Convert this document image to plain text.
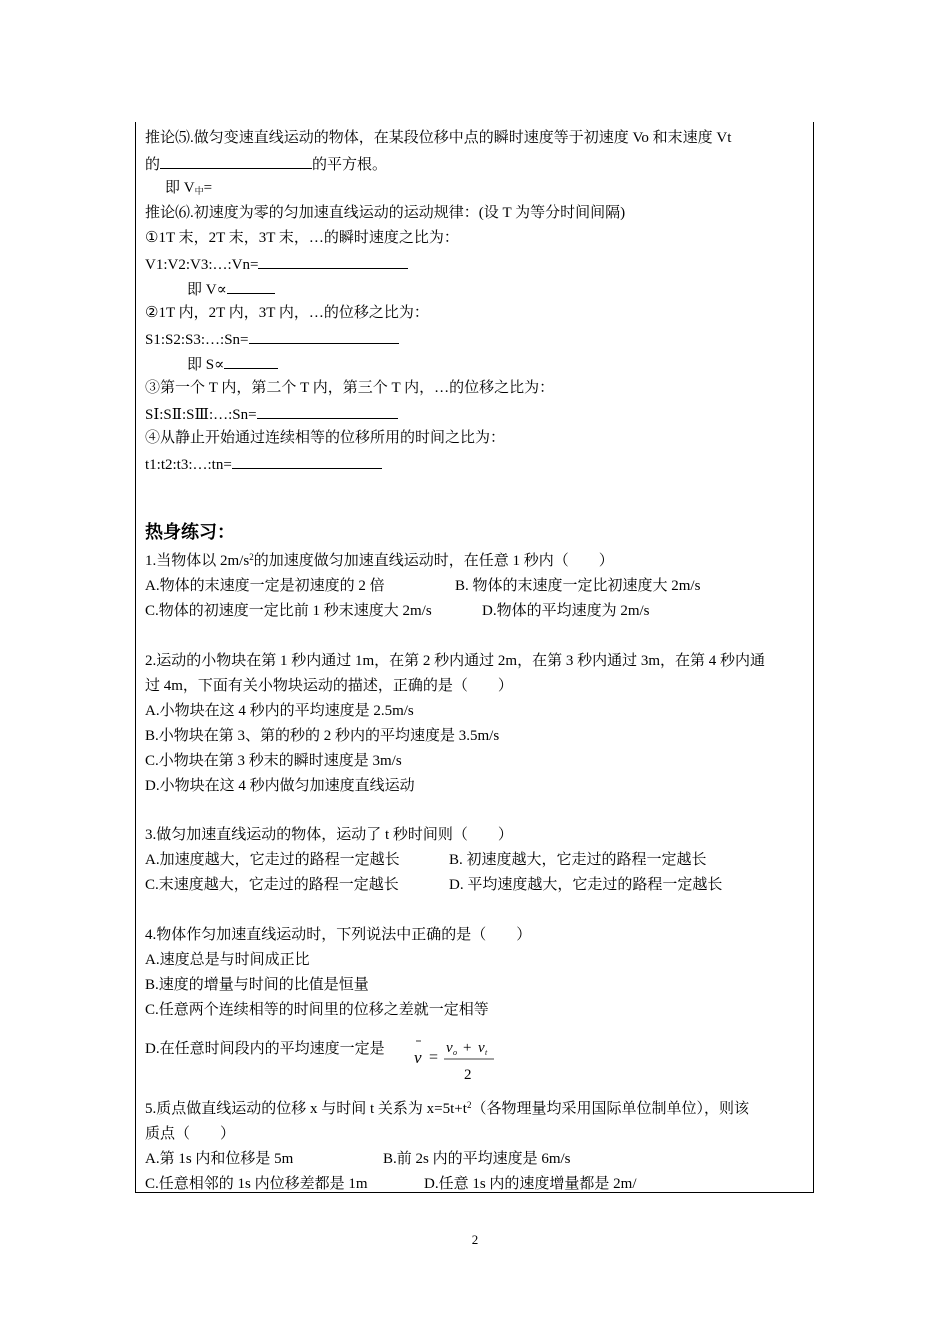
推论⑸.做匀变速直线运动的物体，在某段位移中点的瞬时速度等于初速度 Vo 和末速度 Vt
的	的平方根。
即 $V_中=$
推论⑹.初速度为零的匀加速直线运动的运动规律：(设 T 为等分时间间隔)
①1T 末，2T 末，3T 末，…的瞬时速度之比为：
V1:V2:V3:…:Vn=
即 V∝
②1T 内，2T 内，3T 内，…的位移之比为：
S1:S2:S3:…:Sn=
即 S∝
③第一个 T 内，第二个 T 内，第三个 T 内，…的位移之比为：
SⅠ:SⅡ:SⅢ:…:Sn=
④从静止开始通过连续相等的位移所用的时间之比为：
t1:t2:t3:…:tn=
热身练习：
1.当物体以 $2m/s^2$的加速度做匀加速直线运动时，在任意 1 秒内（　　）
A.物体的末速度一定是初速度的 2 倍	B. 物体的末速度一定比初速度大 2m/s
C.物体的初速度一定比前 1 秒末速度大 2m/s	D.物体的平均速度为 2m/s
2.运动的小物块在第 1 秒内通过 1m，在第 2 秒内通过 2m，在第 3 秒内通过 3m，在第 4 秒内通
过 4m，下面有关小物块运动的描述，正确的是（　　）
A.小物块在这 4 秒内的平均速度是 2.5m/s
B.小物块在第 3、第的秒的 2 秒内的平均速度是 3.5m/s
C.小物块在第 3 秒末的瞬时速度是 3m/s
D.小物块在这 4 秒内做匀加速度直线运动
3.做匀加速直线运动的物体，运动了 t 秒时间则（　　）
A.加速度越大，它走过的路程一定越长	B. 初速度越大，它走过的路程一定越长
C.末速度越大，它走过的路程一定越长	D. 平均速度越大，它走过的路程一定越长
4.物体作匀加速直线运动时，下列说法中正确的是（　　）
A.速度总是与时间成正比
B.速度的增量与时间的比值是恒量
C.任意两个连续相等的时间里的位移之差就一定相等
D.在任意时间段内的平均速度一定是 v =
v o + v t
2
5.质点做直线运动的位移 x 与时间 t 关系为 $x=5t+t^2$（各物理量均采用国际单位制单位），则该
质点（　　）
A.第 1s 内和位移是 5m	B.前 2s 内的平均速度是 6m/s
C.任意相邻的 1s 内位移差都是 1m	D.任意 1s 内的速度增量都是 2m/
2
